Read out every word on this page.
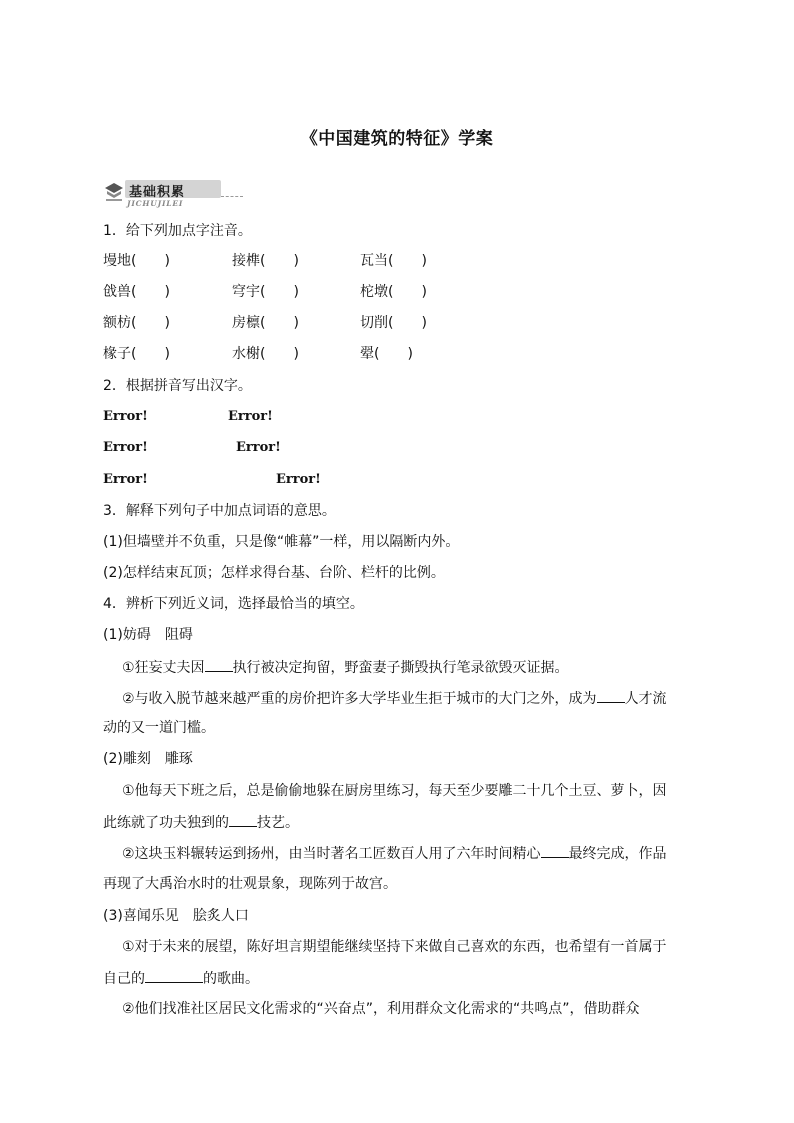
《中国建筑的特征》学案
基础积累
JICHUJILEI
1．给下列加点字注音。
墁地(　　)	接榫(　　)	瓦当(　　)
戗兽(　　)	穹宇(　　)	柁墩(　　)
额枋(　　)	房檩(　　)	切削(　　)
椽子(　　)	水榭(　　)	翚(　　)
2．根据拼音写出汉字。
Error!	Error!
Error!	Error!
Error!	Error!
3．解释下列句子中加点词语的意思。
(1)但墙壁并不负重，只是像“帷幕”一样，用以隔断内外。
(2)怎样结束瓦顶；怎样求得台基、台阶、栏杆的比例。
4．辨析下列近义词，选择最恰当的填空。
(1)妨碍　阻碍
①狂妄丈夫因 执行被决定拘留，野蛮妻子撕毁执行笔录欲毁灭证据。
②与收入脱节越来越严重的房价把许多大学毕业生拒于城市的大门之外，成为 人才流
动的又一道门槛。
(2)雕刻　雕琢
①他每天下班之后，总是偷偷地躲在厨房里练习，每天至少要雕二十几个土豆、萝卜，因
此练就了功夫独到的 技艺。
②这块玉料辗转运到扬州，由当时著名工匠数百人用了六年时间精心 最终完成，作品
再现了大禹治水时的壮观景象，现陈列于故宫。
(3)喜闻乐见　脍炙人口
①对于未来的展望，陈好坦言期望能继续坚持下来做自己喜欢的东西，也希望有一首属于
自己的	的歌曲。
②他们找准社区居民文化需求的“兴奋点”，利用群众文化需求的“共鸣点”，借助群众
